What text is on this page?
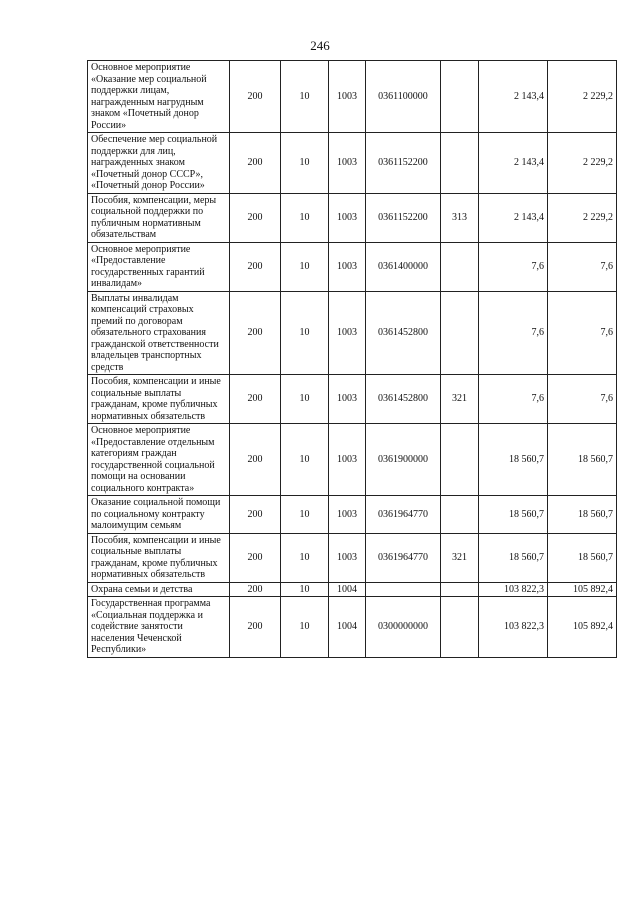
246
Основное мероприятие «Оказание мер социальной поддержки лицам, награжденным нагрудным знаком «Почетный донор России»	200	10	1003	0361100000		2 143,4	2 229,2
Обеспечение мер социальной поддержки для лиц, награжденных знаком «Почетный донор СССР», «Почетный донор России»	200	10	1003	0361152200		2 143,4	2 229,2
Пособия, компенсации, меры социальной поддержки по публичным нормативным обязательствам	200	10	1003	0361152200	313	2 143,4	2 229,2
Основное мероприятие «Предоставление государственных гарантий инвалидам»	200	10	1003	0361400000		7,6	7,6
Выплаты инвалидам компенсаций страховых премий по договорам обязательного страхования гражданской ответственности владельцев транспортных средств	200	10	1003	0361452800		7,6	7,6
Пособия, компенсации и иные социальные выплаты гражданам, кроме публичных нормативных обязательств	200	10	1003	0361452800	321	7,6	7,6
Основное мероприятие «Предоставление отдельным категориям граждан государственной социальной помощи на основании социального контракта»	200	10	1003	0361900000		18 560,7	18 560,7
Оказание социальной помощи по социальному контракту малоимущим семьям	200	10	1003	0361964770		18 560,7	18 560,7
Пособия, компенсации и иные социальные выплаты гражданам, кроме публичных нормативных обязательств	200	10	1003	0361964770	321	18 560,7	18 560,7
Охрана семьи и детства	200	10	1004			103 822,3	105 892,4
Государственная программа «Социальная поддержка и содействие занятости населения Чеченской Республики»	200	10	1004	0300000000		103 822,3	105 892,4
